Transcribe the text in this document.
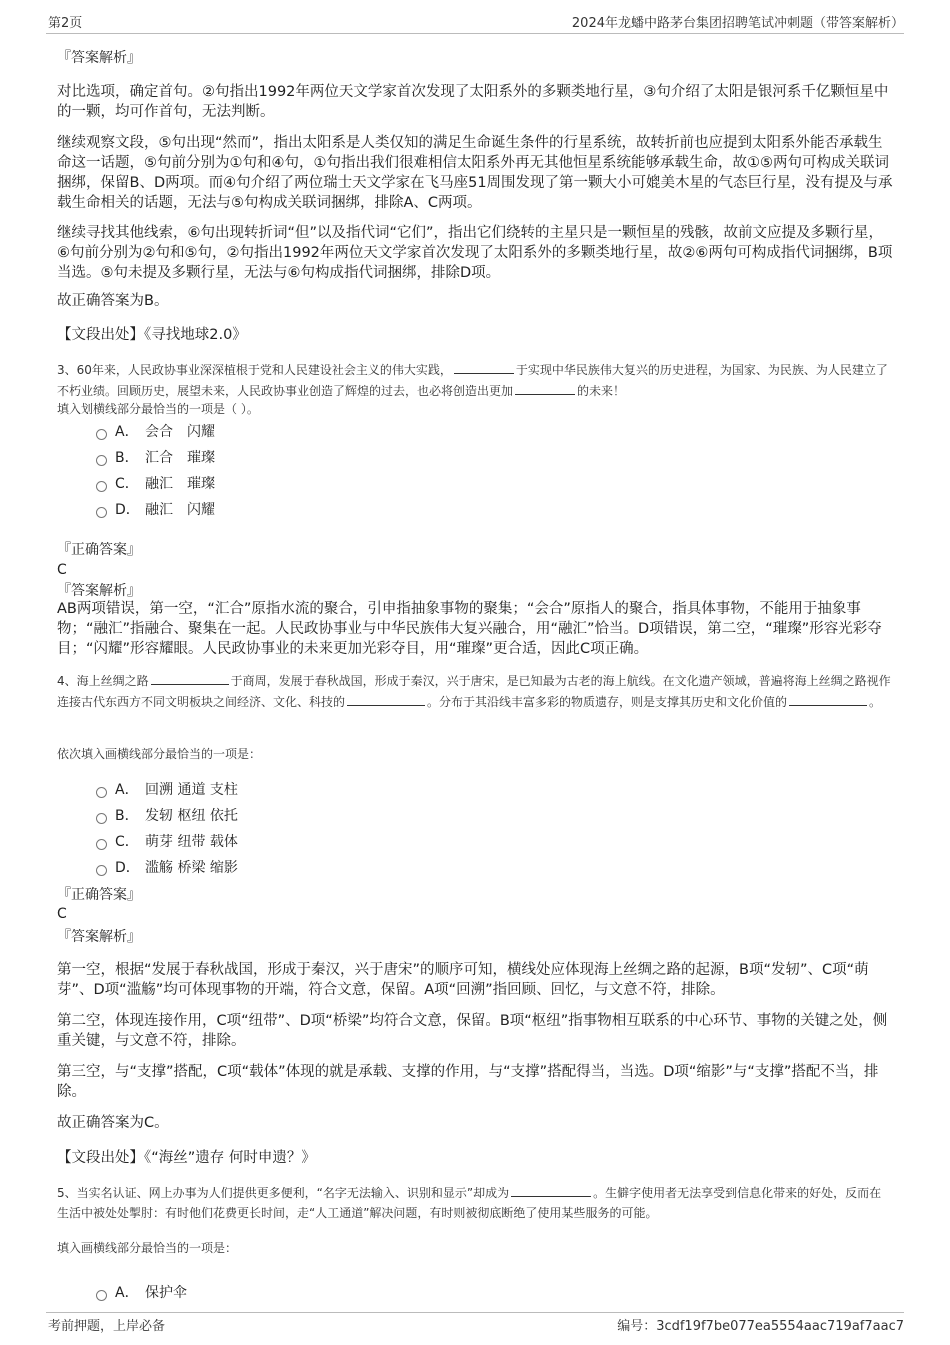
第2页	2024年龙蟠中路茅台集团招聘笔试冲刺题（带答案解析）
『答案解析』
对比选项，确定首句。②句指出1992年两位天文学家首次发现了太阳系外的多颗类地行星，③句介绍了太阳是银河系千亿颗恒星中的一颗，均可作首句，无法判断。
继续观察文段，⑤句出现“然而”，指出太阳系是人类仅知的满足生命诞生条件的行星系统，故转折前也应提到太阳系外能否承载生命这一话题，⑤句前分别为①句和④句，①句指出我们很难相信太阳系外再无其他恒星系统能够承载生命，故①⑤两句可构成关联词捆绑，保留B、D两项。而④句介绍了两位瑞士天文学家在飞马座51周围发现了第一颗大小可媲美木星的气态巨行星，没有提及与承载生命相关的话题，无法与⑤句构成关联词捆绑，排除A、C两项。
继续寻找其他线索，⑥句出现转折词“但”以及指代词“它们”，指出它们绕转的主星只是一颗恒星的残骸，故前文应提及多颗行星，⑥句前分别为②句和⑤句，②句指出1992年两位天文学家首次发现了太阳系外的多颗类地行星，故②⑥两句可构成指代词捆绑，B项当选。⑤句未提及多颗行星，无法与⑥句构成指代词捆绑，排除D项。
故正确答案为B。
【文段出处】《寻找地球2.0》
3、60年来，人民政协事业深深植根于党和人民建设社会主义的伟大实践，	于实现中华民族伟大复兴的历史进程，为国家、为民族、为人民建立了不朽业绩。回顾历史，展望未来，人民政协事业创造了辉煌的过去，也必将创造出更加	的未来！
填入划横线部分最恰当的一项是（ ）。
A． 会合　闪耀
B． 汇合　璀璨
C． 融汇　璀璨
D． 融汇　闪耀
『正确答案』
C
『答案解析』
AB两项错误，第一空，“汇合”原指水流的聚合，引申指抽象事物的聚集；“会合”原指人的聚合，指具体事物，不能用于抽象事物；“融汇”指融合、聚集在一起。人民政协事业与中华民族伟大复兴融合，用“融汇”恰当。D项错误，第二空，“璀璨”形容光彩夺目；“闪耀”形容耀眼。人民政协事业的未来更加光彩夺目，用“璀璨”更合适，因此C项正确。
4、海上丝绸之路	于商周，发展于春秋战国，形成于秦汉，兴于唐宋，是已知最为古老的海上航线。在文化遗产领域，普遍将海上丝绸之路视作连接古代东西方不同文明板块之间经济、文化、科技的	。分布于其沿线丰富多彩的物质遗存，则是支撑其历史和文化价值的	。
依次填入画横线部分最恰当的一项是：
A． 回溯 通道 支柱
B． 发轫 枢纽 依托
C． 萌芽 纽带 载体
D． 滥觞 桥梁 缩影
『正确答案』
C
『答案解析』
第一空，根据“发展于春秋战国，形成于秦汉，兴于唐宋”的顺序可知，横线处应体现海上丝绸之路的起源，B项“发轫”、C项“萌芽”、D项“滥觞”均可体现事物的开端，符合文意，保留。A项“回溯”指回顾、回忆，与文意不符，排除。
第二空，体现连接作用，C项“纽带”、D项“桥梁”均符合文意，保留。B项“枢纽”指事物相互联系的中心环节、事物的关键之处，侧重关键，与文意不符，排除。
第三空，与“支撑”搭配，C项“载体”体现的就是承载、支撑的作用，与“支撑”搭配得当，当选。D项“缩影”与“支撑”搭配不当，排除。
故正确答案为C。
【文段出处】《“海丝”遗存 何时申遗？》
5、当实名认证、网上办事为人们提供更多便利，“名字无法输入、识别和显示”却成为	。生僻字使用者无法享受到信息化带来的好处，反而在生活中被处处掣肘：有时他们花费更长时间，走“人工通道”解决问题，有时则被彻底断绝了使用某些服务的可能。
填入画横线部分最恰当的一项是：
A． 保护伞
考前押题，上岸必备	编号：3cdf19f7be077ea5554aac719af7aac7
